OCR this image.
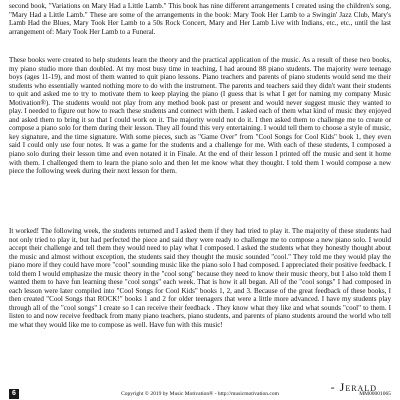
second book, "Variations on Mary Had a Little Lamb." This book has nine different arrangements I created using the children's song, "Mary Had a Little Lamb." These are some of the arrangements in the book: Mary Took Her Lamb to a Swingin' Jazz Club, Mary's Lamb Had the Blues, Mary Took Her Lamb to a 50s Rock Concert, Mary and Her Lamb Live with Indians, etc., etc., until the last arrangement of: Mary Took Her Lamb to a Funeral.

These books were created to help students learn the theory and the practical application of the music. As a result of these two books, my piano studio more than doubled. At my most busy time in teaching, I had around 88 piano students. The majority were teenage boys (ages 11-19), and most of them wanted to quit piano lessons. Piano teachers and parents of piano students would send me their students who essentially wanted nothing more to do with the instrument. The parents and teachers said they didn't want their students to quit and asked me to try to motivate them to keep playing the piano (I guess that is what I get for naming my company Music Motivation®). The students would not play from any method book past or present and would never suggest music they wanted to play. I needed to figure out how to reach these students and connect with them. I asked each of them what kind of music they enjoyed and asked them to bring it so that I could work on it. The majority would not do it. I then asked them to challenge me to create or compose a piano solo for them during their lesson. They all found this very entertaining. I would tell them to choose a style of music, key signature, and the time signature. With some pieces, such as "Game Over" from "Cool Songs for Cool Kids" book 1, they even said I could only use four notes. It was a game for the students and a challenge for me. With each of these students, I composed a piano solo during their lesson time and even notated it in Finale. At the end of their lesson I printed off the music and sent it home with them. I challenged them to learn the piano solo and then let me know what they thought. I told them I would compose a new piece the following week during their next lesson for them.

It worked! The following week, the students returned and I asked them if they had tried to play it. The majority of these students had not only tried to play it, but had perfected the piece and said they were ready to challenge me to compose a new piano solo. I would accept their challenge and tell them they would need to play what I composed. I asked the students what they honestly thought about the music and almost without exception, the students said they thought the music sounded "cool." They told me they would play the piano more if they could have more "cool" sounding music like the piano solo I had composed. I appreciated their positive feedback. I told them I would emphasize the music theory in the "cool song" because they need to know their music theory, but I also told them I wanted them to have fun learning these "cool songs" each week. That is how it all began. All of the "cool songs" I had composed in each lesson were later compiled into "Cool Songs for Cool Kids" books 1, 2, and 3. Because of the great feedback of these books, I then created "Cool Songs that ROCK!" books 1 and 2 for older teenagers that were a little more advanced. I have my students play through all of the "cool songs" I create so I can receive their feedback . They know what they like and what sounds "cool" to them. I listen to and now receive feedback from many piano teachers, piano students, and parents of piano students around the world who tell me what they would like me to compose as well. Have fun with this music!

- Jerald
6	Copyright © 2019 by Music Motivation® - http://musicmotivation.com	MM00001065
